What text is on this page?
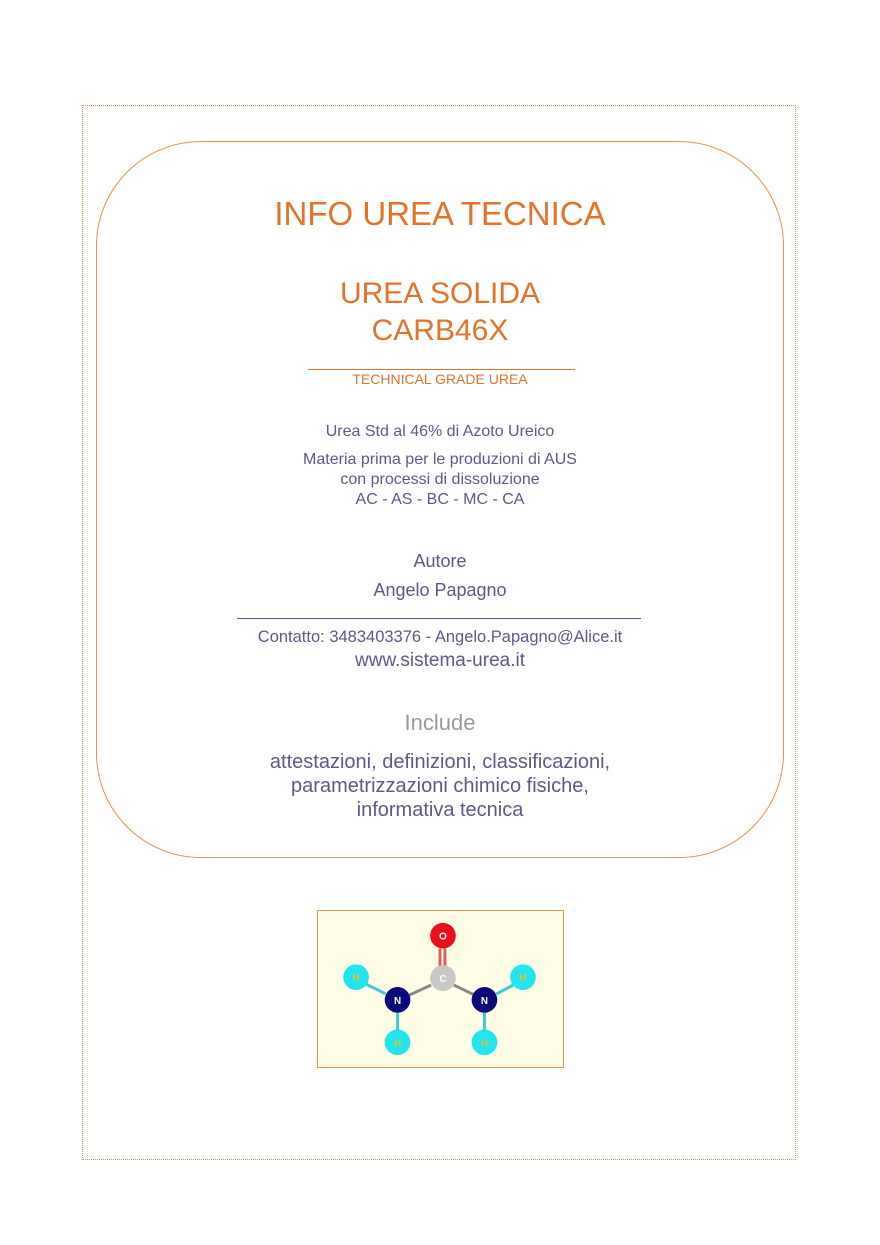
INFO UREA TECNICA
UREA SOLIDA
CARB46X
TECHNICAL GRADE UREA
Urea Std al 46% di Azoto Ureico
Materia prima per le produzioni di AUS
con processi di dissoluzione
AC - AS - BC - MC - CA
Autore
Angelo Papagno
Contatto: 3483403376 - Angelo.Papagno@Alice.it
www.sistema-urea.it
Include
attestazioni, definizioni, classificazioni,
parametrizzazioni chimico fisiche,
informativa tecnica
O
C
N	N
H
H
H
H
